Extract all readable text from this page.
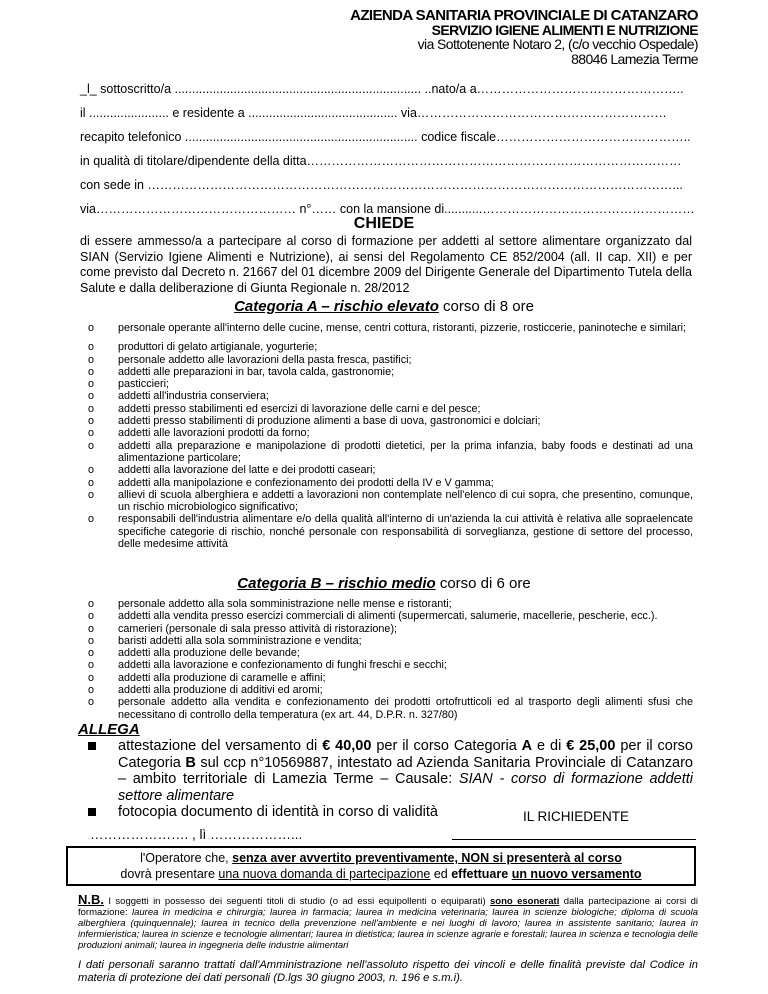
AZIENDA SANITARIA PROVINCIALE DI CATANZARO
SERVIZIO IGIENE ALIMENTI E NUTRIZIONE
via Sottotenente Notaro 2, (c/o vecchio Ospedale)
88046 Lamezia Terme
_l_ sottoscritto/a ....................................................................... ..nato/a a…………………………………………..
il ....................... e residente a ........................................... via……………………………………………………
recapito telefonico ................................................................... codice fiscale………………………………………..
in qualità di titolare/dipendente della ditta………………………………………………………………………………
con sede in ………………………………………………………………………………………………………………...
via………………………………………… n°…… con la mansione di...........……………………………………………
CHIEDE
di essere ammesso/a a partecipare al corso di formazione per addetti al settore alimentare organizzato dal SIAN (Servizio Igiene Alimenti e Nutrizione), ai sensi del Regolamento CE 852/2004 (all. II cap. XII) e per come previsto dal Decreto n. 21667 del 01 dicembre 2009 del Dirigente Generale del Dipartimento Tutela della Salute e dalla deliberazione di Giunta Regionale n. 28/2012
Categoria A – rischio elevato corso di 8 ore
o personale operante all'interno delle cucine, mense, centri cottura, ristoranti, pizzerie, rosticcerie, paninoteche e similari;
o produttori di gelato artigianale, yogurterie;
o personale addetto alle lavorazioni della pasta fresca, pastifici;
o addetti alle preparazioni in bar, tavola calda, gastronomie;
o pasticcieri;
o addetti all'industria conserviera;
o addetti presso stabilimenti ed esercizi di lavorazione delle carni e del pesce;
o addetti presso stabilimenti di produzione alimenti a base di uova, gastronomici e dolciari;
o addetti alle lavorazioni prodotti da forno;
o addetti alla preparazione e manipolazione di prodotti dietetici, per la prima infanzia, baby foods e destinati ad una alimentazione particolare;
o addetti alla lavorazione del latte e dei prodotti caseari;
o addetti alla manipolazione e confezionamento dei prodotti della IV e V gamma;
o allievi di scuola alberghiera e addetti a lavorazioni non contemplate nell'elenco di cui sopra, che presentino, comunque, un rischio microbiologico significativo;
o responsabili dell'industria alimentare e/o della qualità all'interno di un'azienda la cui attività è relativa alle sopraelencate specifiche categorie di rischio, nonché personale con responsabilità di sorveglianza, gestione di settore del processo, delle medesime attività
Categoria B – rischio medio corso di 6 ore
o personale addetto alla sola somministrazione nelle mense e ristoranti;
o addetti alla vendita presso esercizi commerciali di alimenti (supermercati, salumerie, macellerie, pescherie, ecc.).
o camerieri (personale di sala presso attività di ristorazione);
o baristi addetti alla sola somministrazione e vendita;
o addetti alla produzione delle bevande;
o addetti alla lavorazione e confezionamento di funghi freschi e secchi;
o addetti alla produzione di caramelle e affini;
o addetti alla produzione di additivi ed aromi;
o personale addetto alla vendita e confezionamento dei prodotti ortofrutticoli ed al trasporto degli alimenti sfusi che necessitano di controllo della temperatura (ex art. 44, D.P.R. n. 327/80)
ALLEGA
attestazione del versamento di € 40,00 per il corso Categoria A e di € 25,00 per il corso Categoria B sul ccp n°10569887, intestato ad Azienda Sanitaria Provinciale di Catanzaro – ambito territoriale di Lamezia Terme – Causale: SIAN - corso di formazione addetti settore alimentare
fotocopia documento di identità in corso di validità	IL RICHIEDENTE
…………………. , lì ………………...
l'Operatore che, senza aver avvertito preventivamente, NON si presenterà al corso
dovrà presentare una nuova domanda di partecipazione ed effettuare un nuovo versamento
N.B. I soggetti in possesso dei seguenti titoli di studio (o ad essi equipollenti o equiparati) sono esonerati dalla partecipazione ai corsi di formazione: laurea in medicina e chirurgia; laurea in farmacia; laurea in medicina veterinaria; laurea in scienze biologiche; diploma di scuola alberghiera (quinquennale); laurea in tecnico della prevenzione nell'ambiente e nei luoghi di lavoro; laurea in assistente sanitario; laurea in infermieristica; laurea in scienze e tecnologie alimentari; laurea in dietistica; laurea in scienze agrarie e forestali; laurea in scienza e tecnologia delle produzioni animali; laurea in ingegneria delle industrie alimentari
I dati personali saranno trattati dall'Amministrazione nell'assoluto rispetto dei vincoli e delle finalità previste dal Codice in materia di protezione dei dati personali (D.lgs 30 giugno 2003, n. 196 e s.m.i).
